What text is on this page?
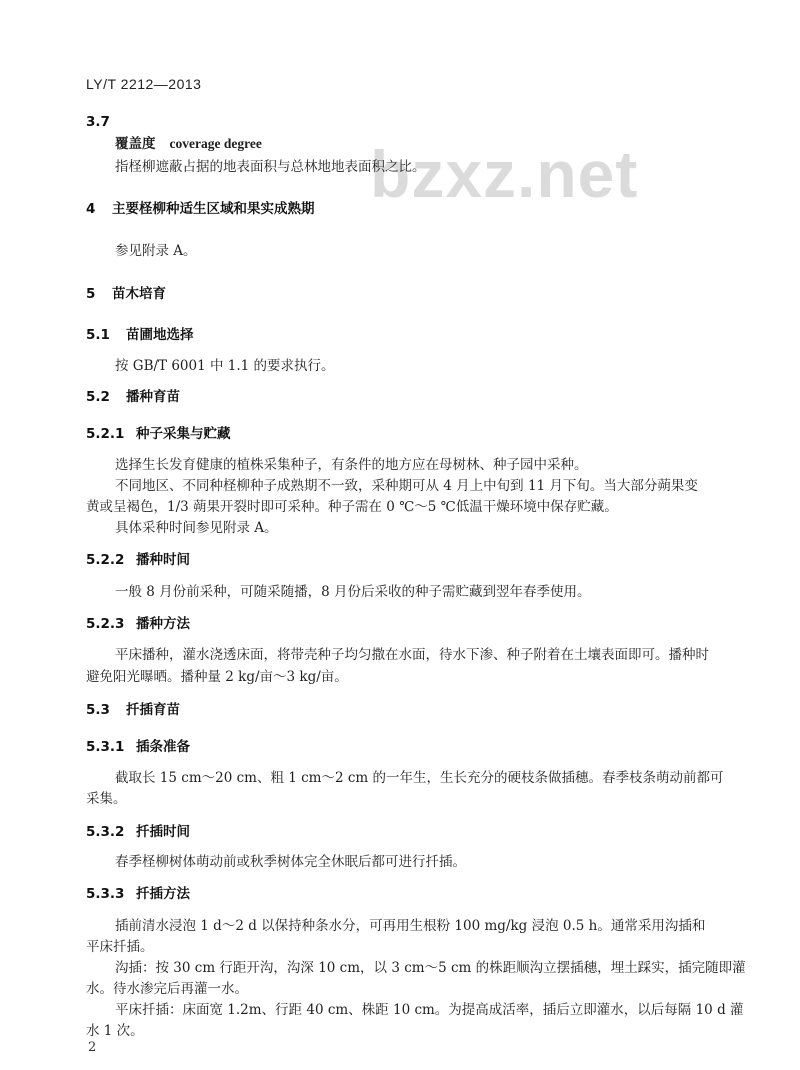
LY/T 2212—2013
bzxz.net
3.7
覆盖度 coverage degree
指柽柳遮蔽占据的地表面积与总林地地表面积之比。
4 主要柽柳种适生区域和果实成熟期
参见附录 A。
5 苗木培育
5.1 苗圃地选择
按 GB/T 6001 中 1.1 的要求执行。
5.2 播种育苗
5.2.1 种子采集与贮藏
选择生长发育健康的植株采集种子，有条件的地方应在母树林、种子园中采种。
不同地区、不同种柽柳种子成熟期不一致，采种期可从 4 月上中旬到 11 月下旬。当大部分蒴果变
黄或呈褐色，1/3 蒴果开裂时即可采种。种子需在 0 ℃～5 ℃低温干燥环境中保存贮藏。
具体采种时间参见附录 A。
5.2.2 播种时间
一般 8 月份前采种，可随采随播，8 月份后采收的种子需贮藏到翌年春季使用。
5.2.3 播种方法
平床播种，灌水浇透床面，将带壳种子均匀撒在水面，待水下渗、种子附着在土壤表面即可。播种时
避免阳光曝晒。播种量 2 kg/亩～3 kg/亩。
5.3 扦插育苗
5.3.1 插条准备
截取长 15 cm～20 cm、粗 1 cm～2 cm 的一年生，生长充分的硬枝条做插穗。春季枝条萌动前都可
采集。
5.3.2 扦插时间
春季柽柳树体萌动前或秋季树体完全休眠后都可进行扦插。
5.3.3 扦插方法
插前清水浸泡 1 d～2 d 以保持种条水分，可再用生根粉 100 mg/kg 浸泡 0.5 h。通常采用沟插和
平床扦插。
沟插：按 30 cm 行距开沟，沟深 10 cm，以 3 cm～5 cm 的株距顺沟立摆插穗，埋土踩实，插完随即灌
水。待水渗完后再灌一水。
平床扦插：床面宽 1.2m、行距 40 cm、株距 10 cm。为提高成活率，插后立即灌水，以后每隔 10 d 灌
水 1 次。
2
